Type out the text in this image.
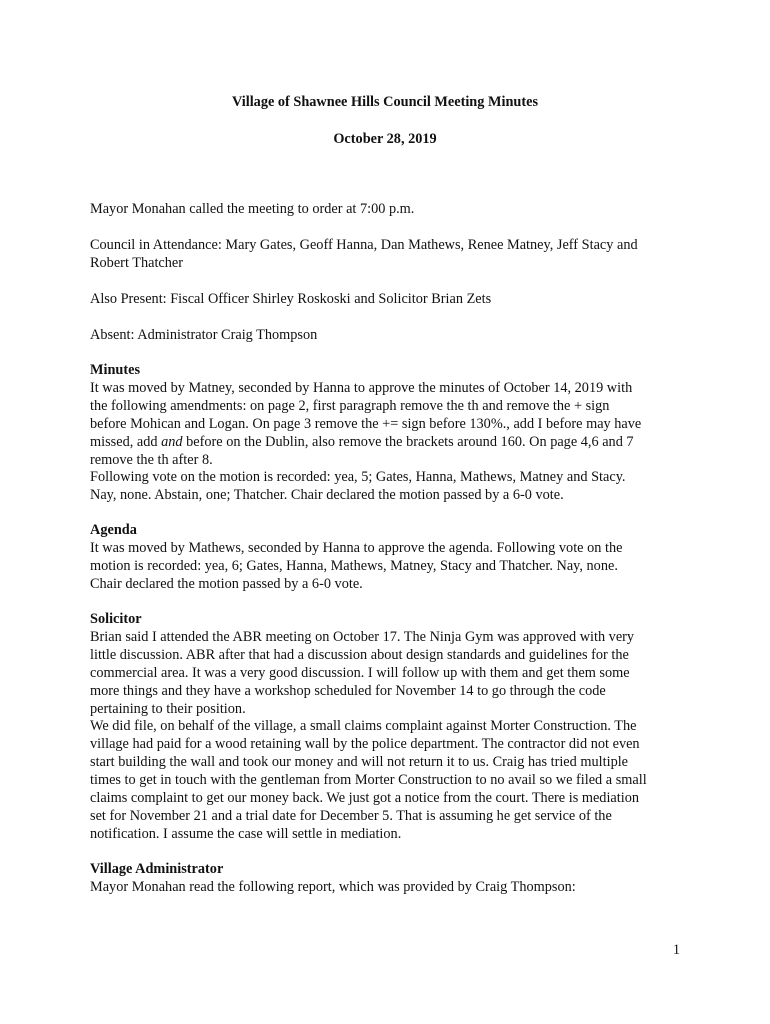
Village of Shawnee Hills Council Meeting Minutes
October 28, 2019

Mayor Monahan called the meeting to order at 7:00 p.m.

Council in Attendance: Mary Gates, Geoff Hanna, Dan Mathews, Renee Matney, Jeff Stacy and

Robert Thatcher

Also Present: Fiscal Officer Shirley Roskoski and Solicitor Brian Zets

Absent: Administrator Craig Thompson

Minutes

It was moved by Matney, seconded by Hanna to approve the minutes of October 14, 2019 with

the following amendments: on page 2, first paragraph remove the th and remove the + sign

before Mohican and Logan. On page 3 remove the += sign before 130%., add I before may have

missed, add and before on the Dublin, also remove the brackets around 160. On page 4,6 and 7

remove the th after 8.

Following vote on the motion is recorded: yea, 5; Gates, Hanna, Mathews, Matney and Stacy.

Nay, none. Abstain, one; Thatcher. Chair declared the motion passed by a 6-0 vote.

Agenda

It was moved by Mathews, seconded by Hanna to approve the agenda. Following vote on the

motion is recorded: yea, 6; Gates, Hanna, Mathews, Matney, Stacy and Thatcher. Nay, none.

Chair declared the motion passed by a 6-0 vote.

Solicitor

Brian said I attended the ABR meeting on October 17. The Ninja Gym was approved with very

little discussion. ABR after that had a discussion about design standards and guidelines for the

commercial area. It was a very good discussion. I will follow up with them and get them some

more things and they have a workshop scheduled for November 14 to go through the code

pertaining to their position.

We did file, on behalf of the village, a small claims complaint against Morter Construction. The

village had paid for a wood retaining wall by the police department. The contractor did not even

start building the wall and took our money and will not return it to us. Craig has tried multiple

times to get in touch with the gentleman from Morter Construction to no avail so we filed a small

claims complaint to get our money back. We just got a notice from the court. There is mediation

set for November 21 and a trial date for December 5. That is assuming he get service of the

notification. I assume the case will settle in mediation.

Village Administrator

Mayor Monahan read the following report, which was provided by Craig Thompson:

1
